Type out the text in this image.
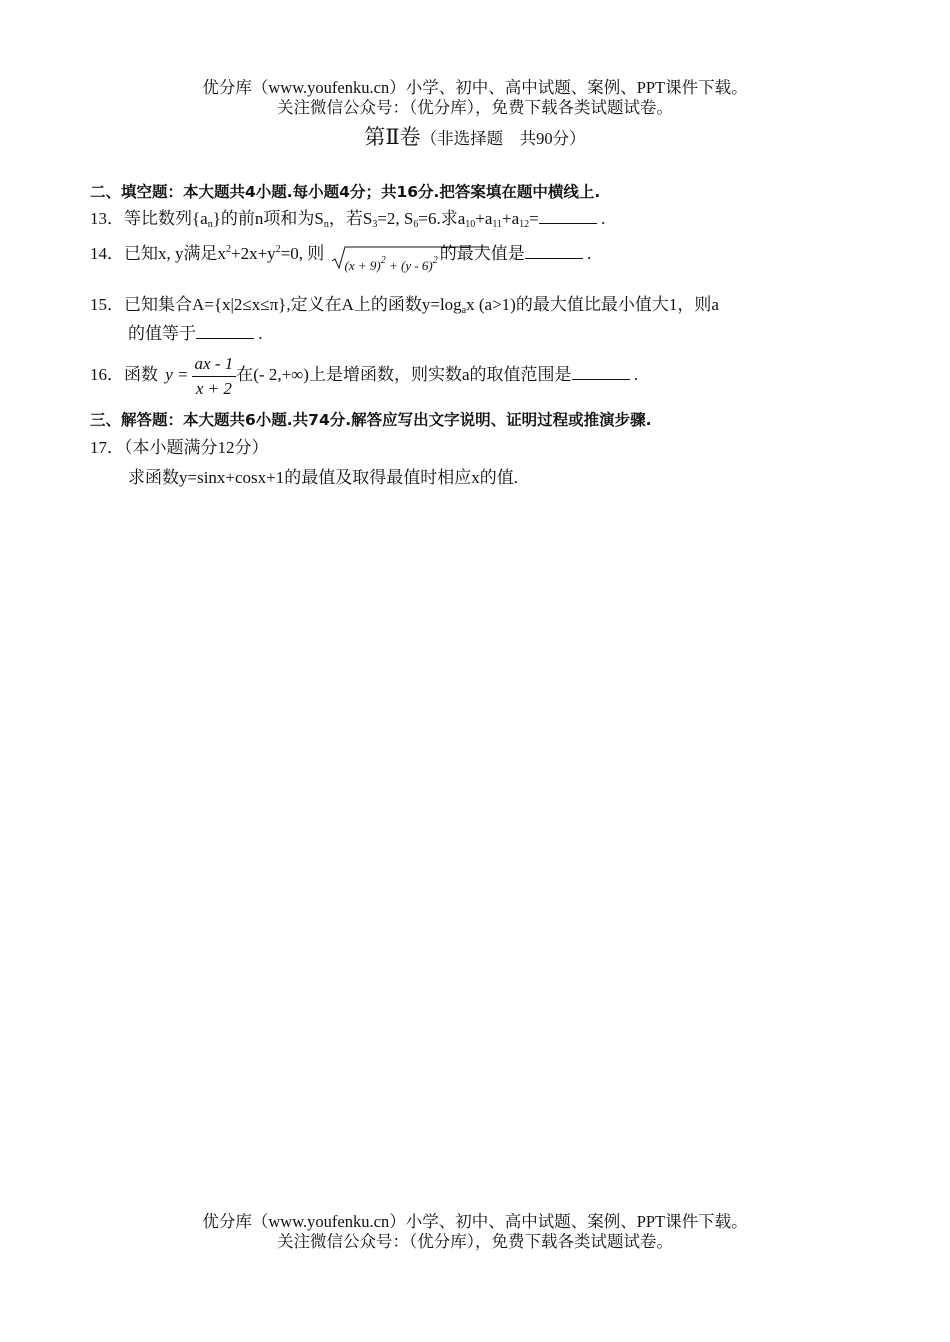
优分库（www.youfenku.cn）小学、初中、高中试题、案例、PPT课件下载。
关注微信公众号：（优分库），免费下载各类试题试卷。
第Ⅱ卷（非选择题　共90分）
二、填空题：本大题共4小题.每小题4分；共16分.把答案填在题中横线上.
13．等比数列$\{a_n\}$的前n项和为$S_n$，若$S_3=2$, $S_6=6$.求$a_{10}+a_{11}+a_{12}=$	.
14．已知x, y满足$x^2+2x+y^2=0$, 则
$(x + 9)^2 + (y - 6)^2$ 的最大值是	.
15．已知集合A={x|2≤x≤π},定义在A上的函数$y=\log_ax$ (a>1)的最大值比最小值大1，则a
的值等于	.
16．函数 $y = \frac{ax - 1}{x + 2}$ 在(- 2,+∞)上是增函数，则实数a的取值范围是	.
三、解答题：本大题共6小题.共74分.解答应写出文字说明、证明过程或推演步骤.
17．（本小题满分12分）
求函数y=sinx+cosx+1的最值及取得最值时相应x的值.
优分库（www.youfenku.cn）小学、初中、高中试题、案例、PPT课件下载。
关注微信公众号：（优分库），免费下载各类试题试卷。
